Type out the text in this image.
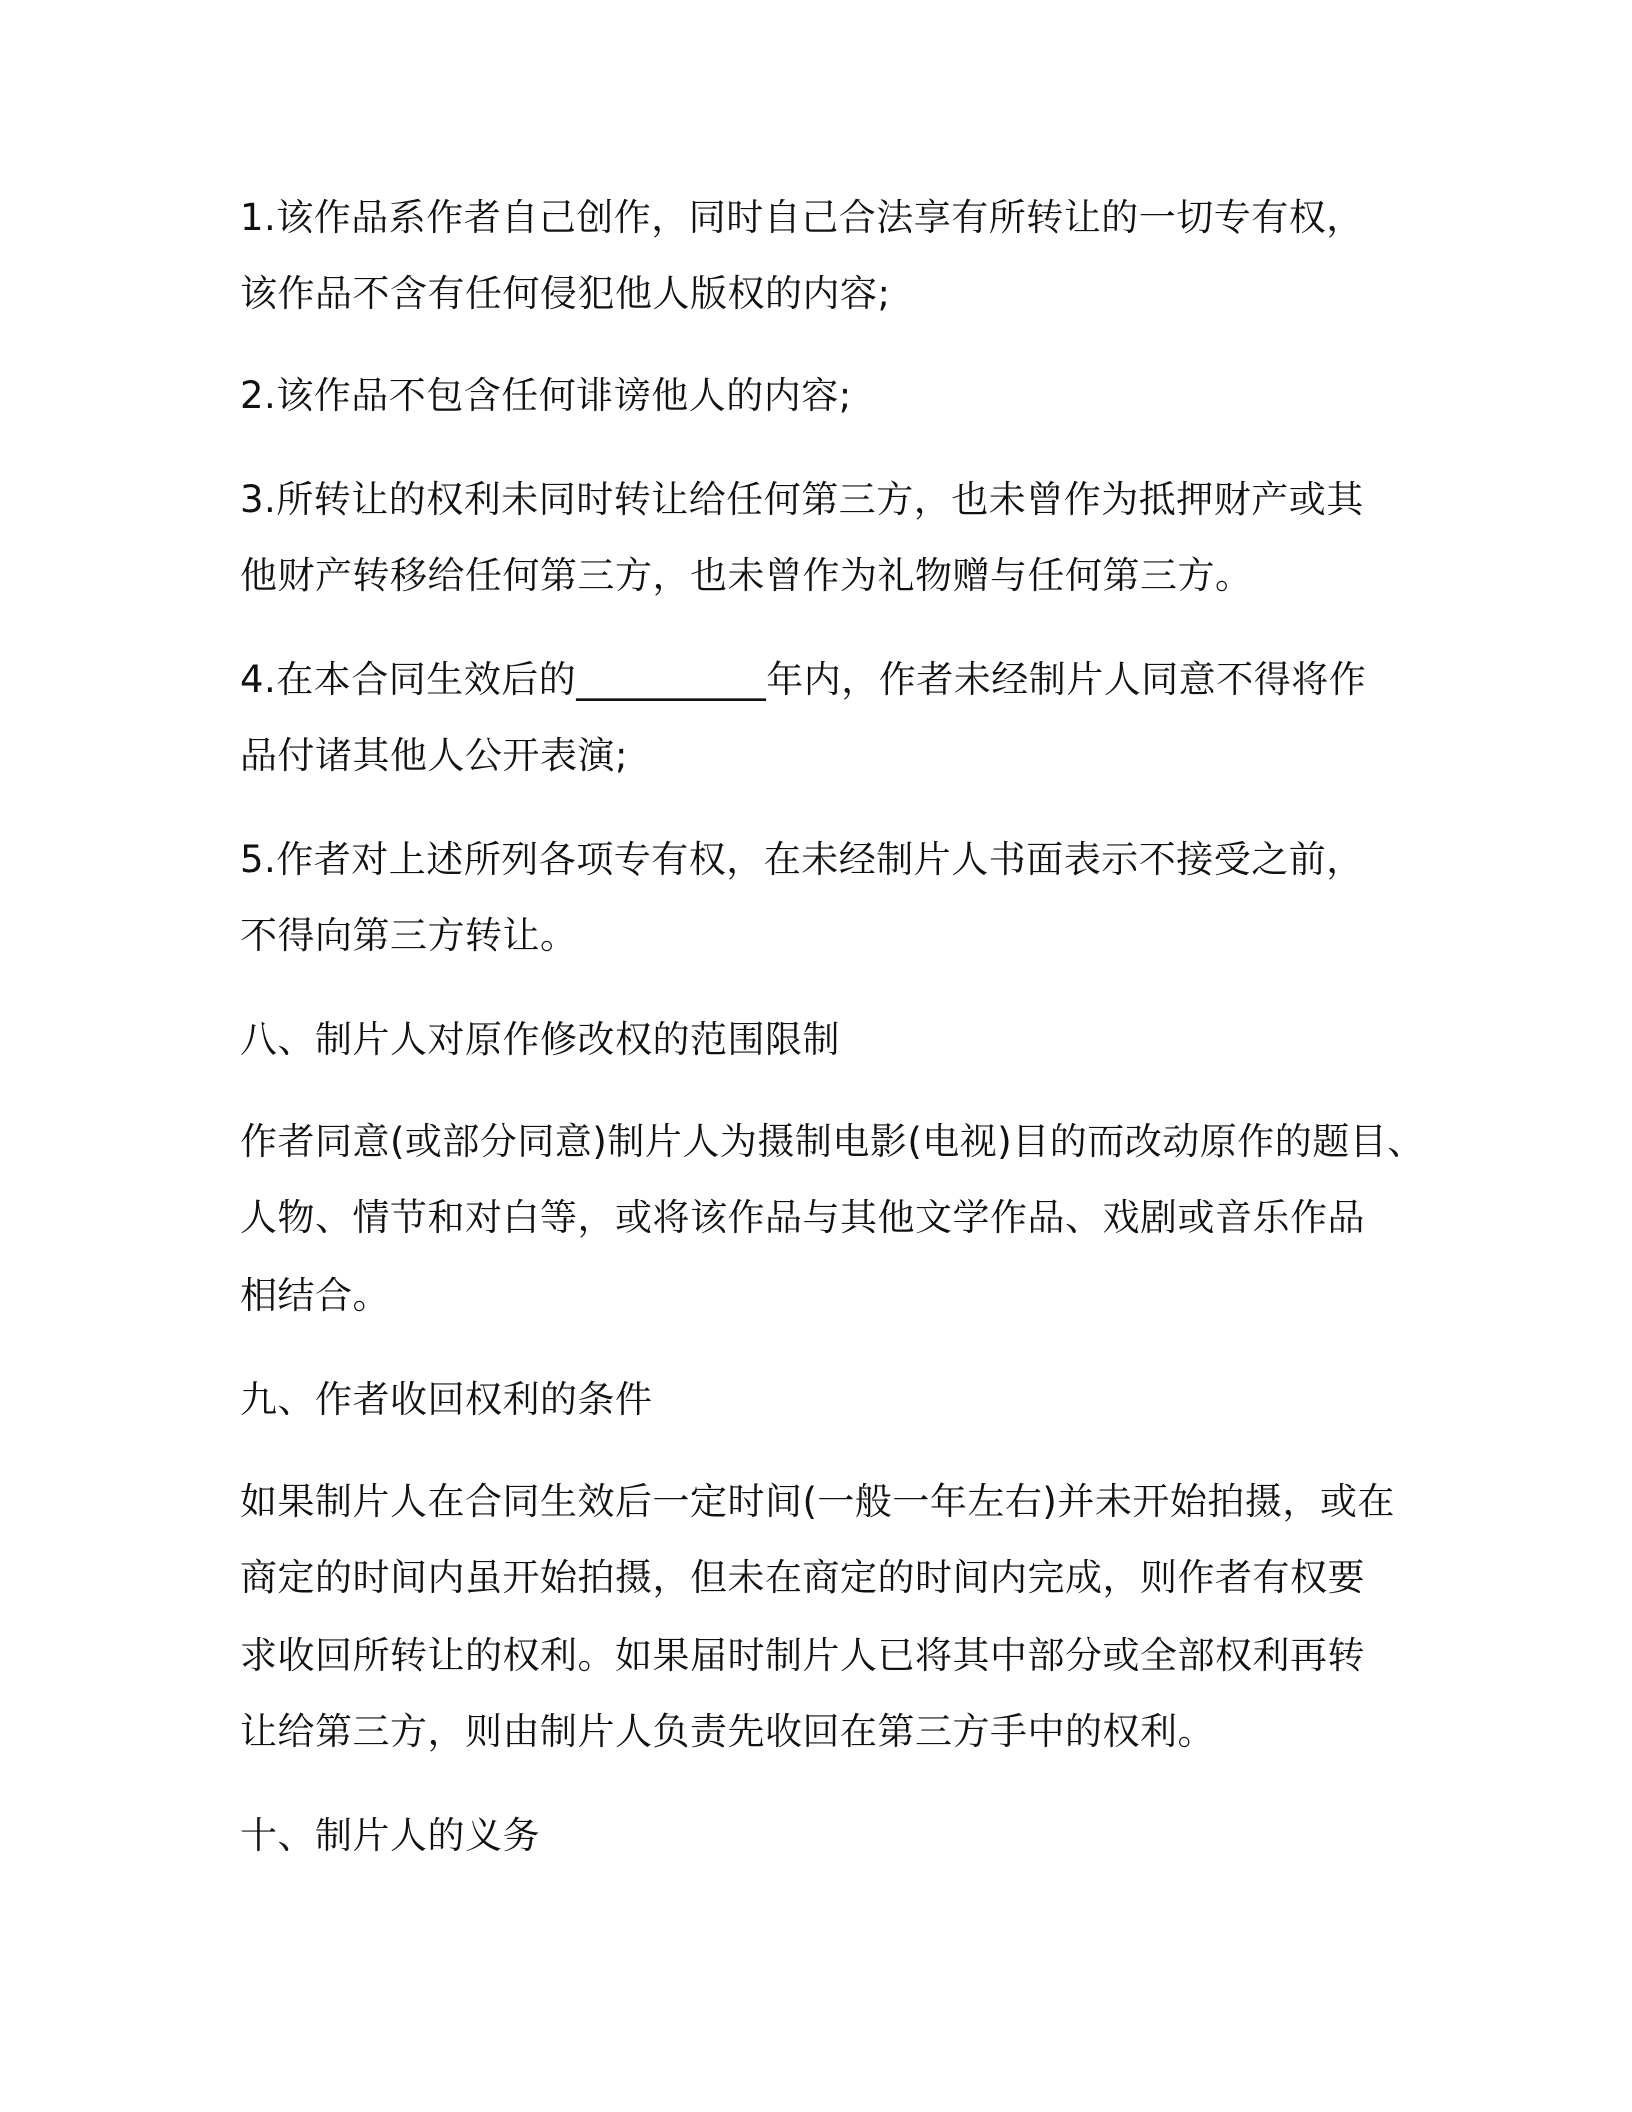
1.该作品系作者自己创作，同时自己合法享有所转让的一切专有权，

该作品不含有任何侵犯他人版权的内容;

2.该作品不包含任何诽谤他人的内容;

3.所转让的权利未同时转让给任何第三方，也未曾作为抵押财产或其

他财产转移给任何第三方，也未曾作为礼物赠与任何第三方。

4.在本合同生效后的__________年内，作者未经制片人同意不得将作

品付诸其他人公开表演;

5.作者对上述所列各项专有权，在未经制片人书面表示不接受之前，

不得向第三方转让。

八、制片人对原作修改权的范围限制

作者同意(或部分同意)制片人为摄制电影(电视)目的而改动原作的题目、

人物、情节和对白等，或将该作品与其他文学作品、戏剧或音乐作品

相结合。

九、作者收回权利的条件

如果制片人在合同生效后一定时间(一般一年左右)并未开始拍摄，或在

商定的时间内虽开始拍摄，但未在商定的时间内完成，则作者有权要

求收回所转让的权利。如果届时制片人已将其中部分或全部权利再转

让给第三方，则由制片人负责先收回在第三方手中的权利。

十、制片人的义务
